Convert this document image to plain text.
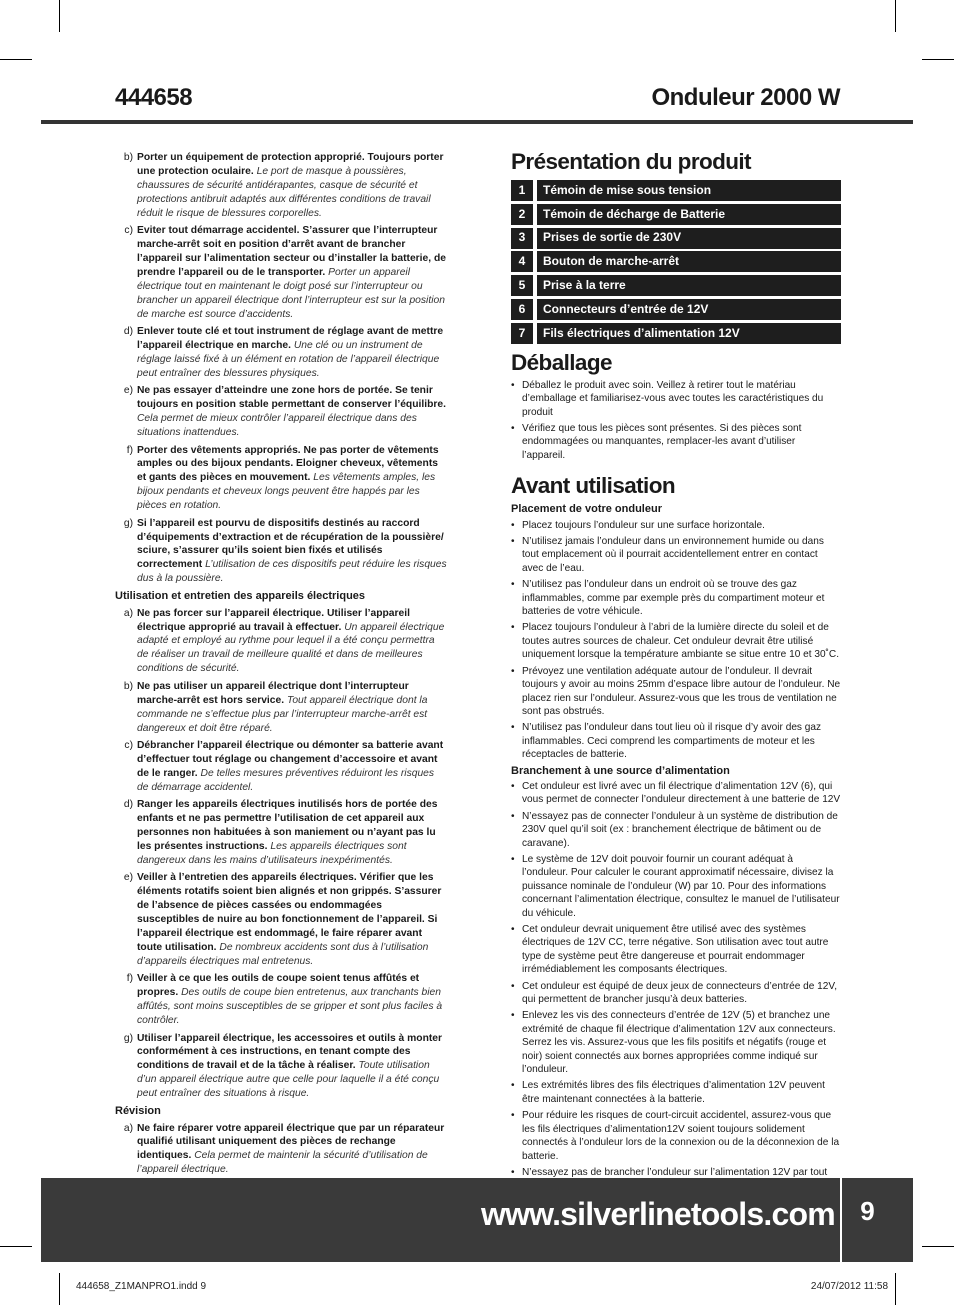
444658	Onduleur 2000 W
b) Porter un équipement de protection approprié. Toujours porter une protection oculaire. Le port de masque à poussières, chaussures de sécurité antidérapantes, casque de sécurité et protections antibruit adaptés aux différentes conditions de travail réduit le risque de blessures corporelles.
c) Eviter tout démarrage accidentel. S’assurer que l’interrupteur marche-arrêt soit en position d’arrêt avant de brancher l’appareil sur l’alimentation secteur ou d’installer la batterie, de prendre l’appareil ou de le transporter. Porter un appareil électrique tout en maintenant le doigt posé sur l’interrupteur ou brancher un appareil électrique dont l’interrupteur est sur la position de marche est source d’accidents.
d) Enlever toute clé et tout instrument de réglage avant de mettre l’appareil électrique en marche. Une clé ou un instrument de réglage laissé fixé à un élément en rotation de l’appareil électrique peut entraîner des blessures physiques.
e) Ne pas essayer d’atteindre une zone hors de portée. Se tenir toujours en position stable permettant de conserver l’équilibre. Cela permet de mieux contrôler l’appareil électrique dans des situations inattendues.
f) Porter des vêtements appropriés. Ne pas porter de vêtements amples ou des bijoux pendants. Eloigner cheveux, vêtements et gants des pièces en mouvement. Les vêtements amples, les bijoux pendants et cheveux longs peuvent être happés par les pièces en rotation.
g) Si l’appareil est pourvu de dispositifs destinés au raccord d’équipements d’extraction et de récupération de la poussière/ sciure, s’assurer qu’ils soient bien fixés et utilisés correctement L’utilisation de ces dispositifs peut réduire les risques dus à la poussière.
Utilisation et entretien des appareils électriques
a) Ne pas forcer sur l’appareil électrique. Utiliser l’appareil électrique approprié au travail à effectuer. Un appareil électrique adapté et employé au rythme pour lequel il a été conçu permettra de réaliser un travail de meilleure qualité et dans de meilleures conditions de sécurité.
b) Ne pas utiliser un appareil électrique dont l’interrupteur marche-arrêt est hors service. Tout appareil électrique dont la commande ne s’effectue plus par l’interrupteur marche-arrêt est dangereux et doit être réparé.
c) Débrancher l’appareil électrique ou démonter sa batterie avant d’effectuer tout réglage ou changement d’accessoire et avant de le ranger. De telles mesures préventives réduiront les risques de démarrage accidentel.
d) Ranger les appareils électriques inutilisés hors de portée des enfants et ne pas permettre l’utilisation de cet appareil aux personnes non habituées à son maniement ou n’ayant pas lu les présentes instructions. Les appareils électriques sont dangereux dans les mains d’utilisateurs inexpérimentés.
e) Veiller à l’entretien des appareils électriques. Vérifier que les éléments rotatifs soient bien alignés et non grippés. S’assurer de l’absence de pièces cassées ou endommagées susceptibles de nuire au bon fonctionnement de l’appareil. Si l’appareil électrique est endommagé, le faire réparer avant toute utilisation. De nombreux accidents sont dus à l’utilisation d’appareils électriques mal entretenus.
f) Veiller à ce que les outils de coupe soient tenus affûtés et propres. Des outils de coupe bien entretenus, aux tranchants bien affûtés, sont moins susceptibles de se gripper et sont plus faciles à contrôler.
g) Utiliser l’appareil électrique, les accessoires et outils à monter conformément à ces instructions, en tenant compte des conditions de travail et de la tâche à réaliser. Toute utilisation d’un appareil électrique autre que celle pour laquelle il a été conçu peut entraîner des situations à risque.
Révision
a) Ne faire réparer votre appareil électrique que par un réparateur qualifié utilisant uniquement des pièces de rechange identiques. Cela permet de maintenir la sécurité d’utilisation de l’appareil électrique.
Présentation du produit
1	Témoin de mise sous tension
2	Témoin de décharge de Batterie
3	Prises de sortie de 230V
4	Bouton de marche-arrêt
5	Prise à la terre
6	Connecteurs d’entrée de 12V
7	Fils électriques d’alimentation 12V
Déballage
• Déballez le produit avec soin. Veillez à retirer tout le matériau d’emballage et familiarisez-vous avec toutes les caractéristiques du produit
• Vérifiez que tous les pièces sont présentes. Si des pièces sont endommagées ou manquantes, remplacer-les avant d’utiliser l’appareil.
Avant utilisation
Placement de votre onduleur
• Placez toujours l’onduleur sur une surface horizontale.
• N’utilisez jamais l’onduleur dans un environnement humide ou dans tout emplacement où il pourrait accidentellement entrer en contact avec de l’eau.
• N’utilisez pas l’onduleur dans un endroit où se trouve des gaz inflammables, comme par exemple près du compartiment moteur et batteries de votre véhicule.
• Placez toujours l’onduleur à l’abri de la lumière directe du soleil et de toutes autres sources de chaleur. Cet onduleur devrait être utilisé uniquement lorsque la température ambiante se situe entre 10 et 30˚C.
• Prévoyez une ventilation adéquate autour de l’onduleur. Il devrait toujours y avoir au moins 25mm d’espace libre autour de l’onduleur. Ne placez rien sur l’onduleur. Assurez-vous que les trous de ventilation ne sont pas obstrués.
• N’utilisez pas l’onduleur dans tout lieu où il risque d’y avoir des gaz inflammables. Ceci comprend les compartiments de moteur et les réceptacles de batterie.
Branchement à une source d’alimentation
• Cet onduleur est livré avec un fil électrique d’alimentation 12V (6), qui vous permet de connecter l’onduleur directement à une batterie de 12V
• N’essayez pas de connecter l’onduleur à un système de distribution de 230V quel qu’il soit (ex : branchement électrique de bâtiment ou de caravane).
• Le système de 12V doit pouvoir fournir un courant adéquat à l’onduleur. Pour calculer le courant approximatif nécessaire, divisez la puissance nominale de l’onduleur (W) par 10. Pour des informations concernant l’alimentation électrique, consultez le manuel de l’utilisateur du véhicule.
• Cet onduleur devrait uniquement être utilisé avec des systèmes électriques de 12V CC, terre négative. Son utilisation avec tout autre type de système peut être dangereuse et pourrait endommager irrémédiablement les composants électriques.
• Cet onduleur est équipé de deux jeux de connecteurs d’entrée de 12V, qui permettent de brancher jusqu’à deux batteries.
• Enlevez les vis des connecteurs d’entrée de 12V (5) et branchez une extrémité de chaque fil électrique d’alimentation 12V aux connecteurs. Serrez les vis. Assurez-vous que les fils positifs et négatifs (rouge et noir) soient connectés aux bornes appropriées comme indiqué sur l’onduleur.
• Les extrémités libres des fils électriques d’alimentation 12V peuvent être maintenant connectées à la batterie.
• Pour réduire les risques de court-circuit accidentel, assurez-vous que les fils électriques d’alimentation12V soient toujours solidement connectés à l’onduleur lors de la connexion ou de la déconnexion de la batterie.
• N’essayez pas de brancher l’onduleur sur l’alimentation 12V par tout
www.silverlinetools.com 9
444658_Z1MANPRO1.indd 9	24/07/2012 11:58
